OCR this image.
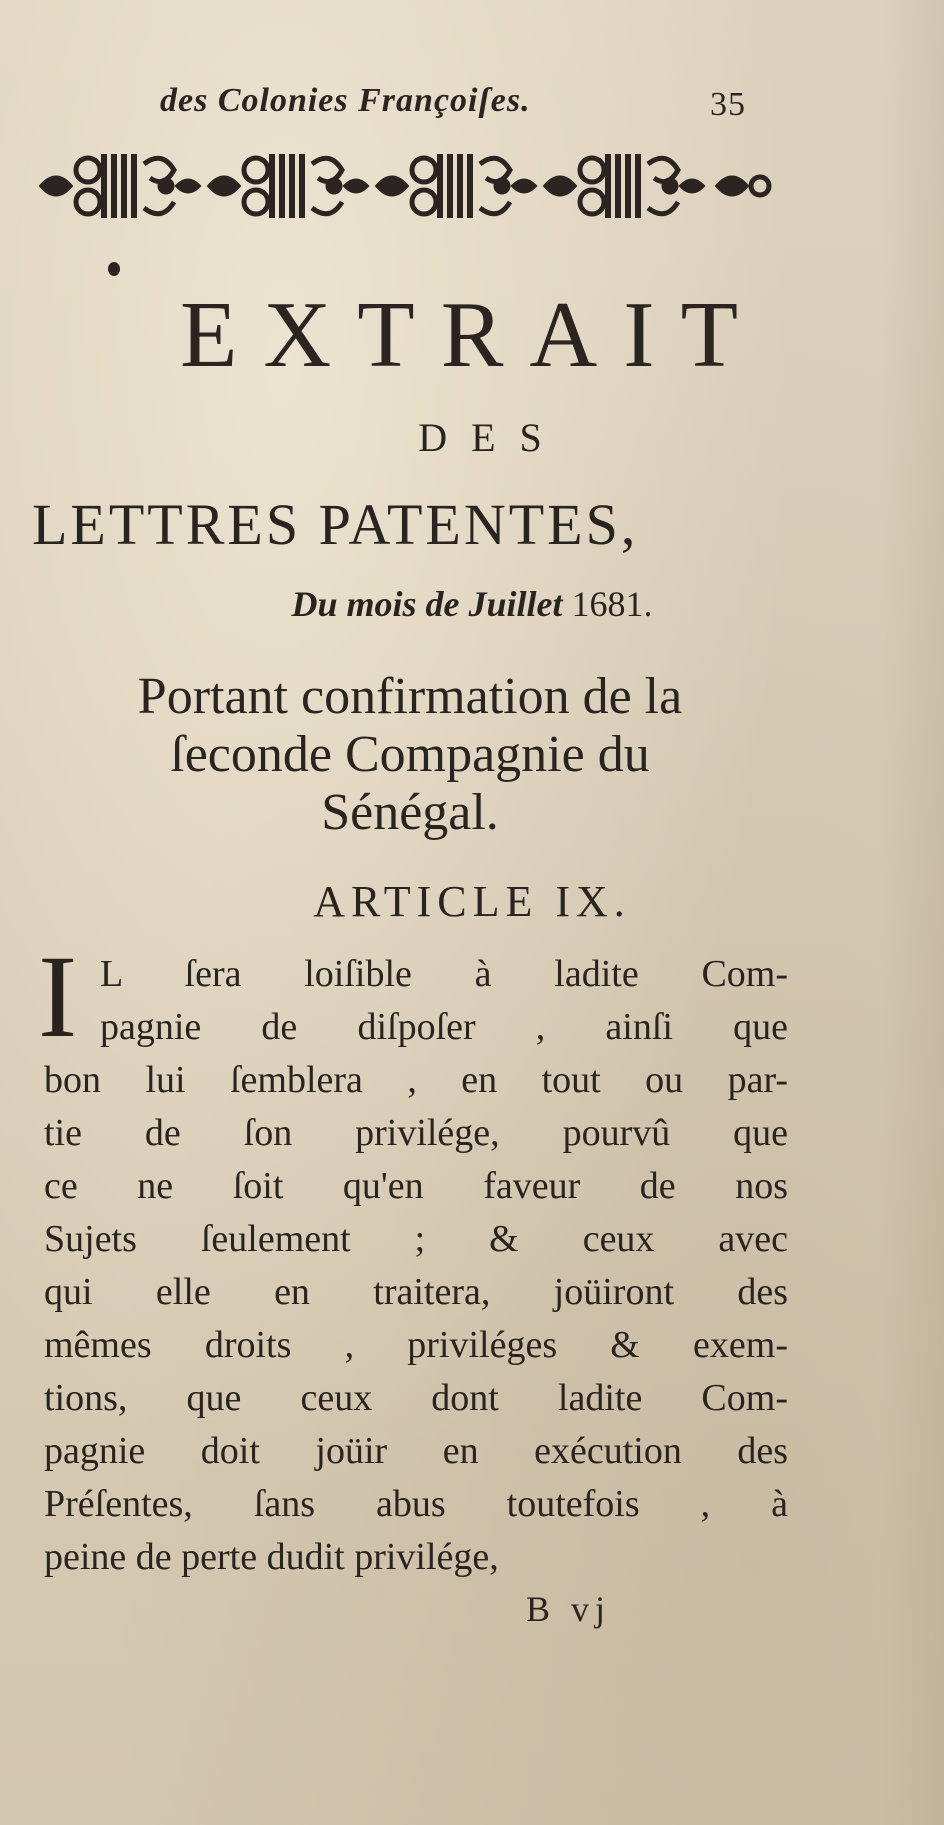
des Colonies Françoiſes.	35
EXTRAIT
DES
LETTRES PATENTES,
Du mois de Juillet 1681.
Portant confirmation de la
ſeconde Compagnie du
Sénégal.
ARTICLE IX.
I L ſera loiſible à ladite Com-
pagnie de diſpoſer , ainſi que
bon lui ſemblera , en tout ou par-
tie de ſon privilége, pourvû que
ce ne ſoit qu'en faveur de nos
Sujets ſeulement ; & ceux avec
qui elle en traitera, joüiront des
mêmes droits , priviléges & exem-
tions, que ceux dont ladite Com-
pagnie doit joüir en exécution des
Préſentes, ſans abus toutefois , à
peine de perte dudit privilége,
B vj
